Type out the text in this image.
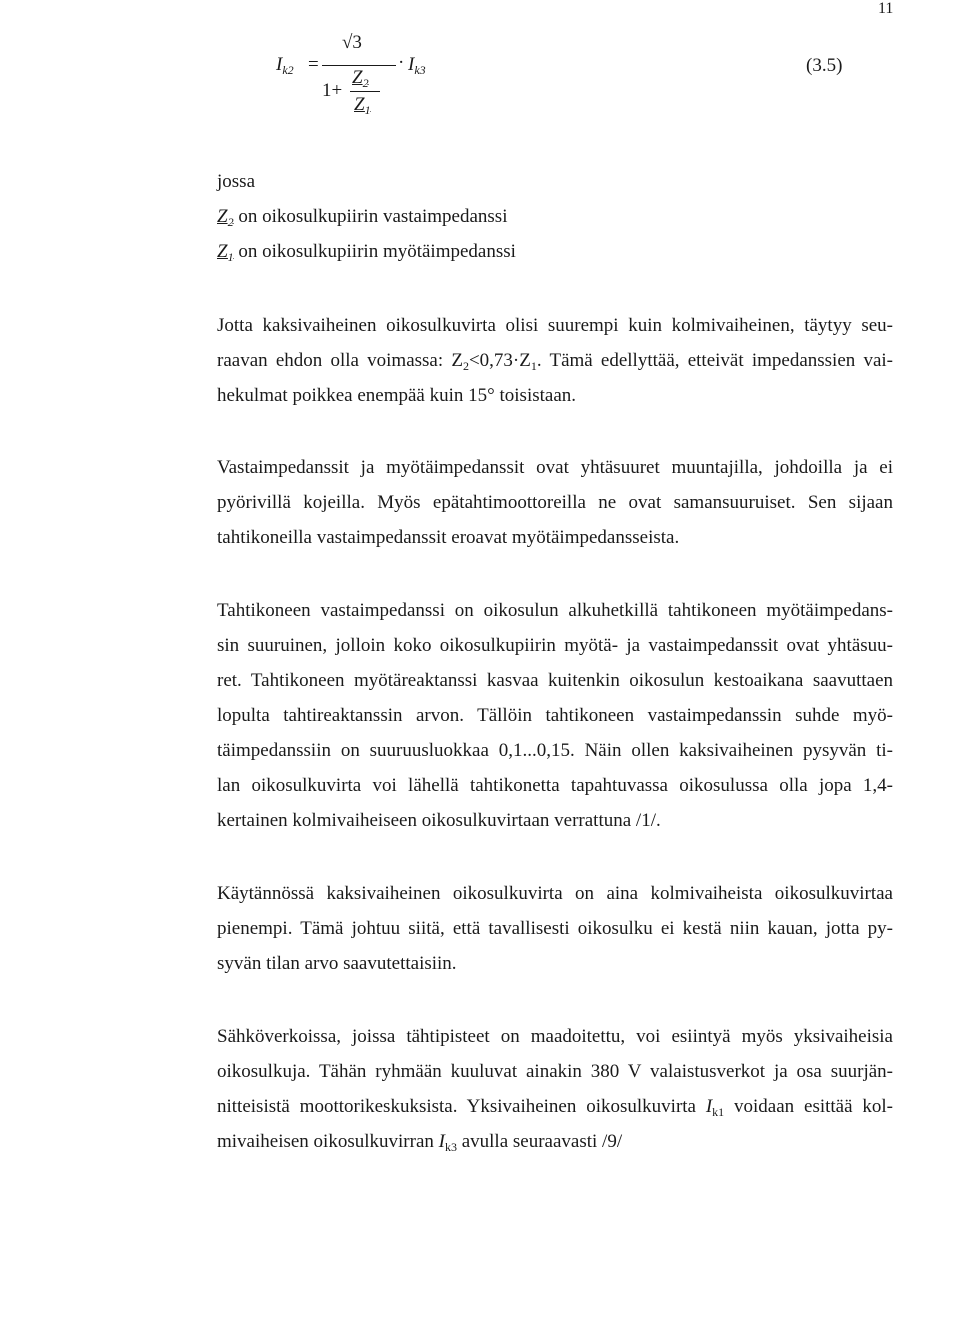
11
$I_{k2}$ =
√3
1+
$Z_2$
$Z_1$
· $I_{k3}$	(3.5)
jossa
$Z_2$ on oikosulkupiirin vastaimpedanssi
$Z_1$ on oikosulkupiirin myötäimpedanssi
Jotta kaksivaiheinen oikosulkuvirta olisi suurempi kuin kolmivaiheinen, täytyy seu-
raavan ehdon olla voimassa: $Z_2<0,73\cdot Z_1$. Tämä edellyttää, etteivät impedanssien vai-
hekulmat poikkea enempää kuin 15° toisistaan.
Vastaimpedanssit ja myötäimpedanssit ovat yhtäsuuret muuntajilla, johdoilla ja ei
pyörivillä kojeilla. Myös epätahtimoottoreilla ne ovat samansuuruiset. Sen sijaan
tahtikoneilla vastaimpedanssit eroavat myötäimpedansseista.
Tahtikoneen vastaimpedanssi on oikosulun alkuhetkillä tahtikoneen myötäimpedans-
sin suuruinen, jolloin koko oikosulkupiirin myötä- ja vastaimpedanssit ovat yhtäsuu-
ret. Tahtikoneen myötäreaktanssi kasvaa kuitenkin oikosulun kestoaikana saavuttaen
lopulta tahtireaktanssin arvon. Tällöin tahtikoneen vastaimpedanssin suhde myö-
täimpedanssiin on suuruusluokkaa 0,1...0,15. Näin ollen kaksivaiheinen pysyvän ti-
lan oikosulkuvirta voi lähellä tahtikonetta tapahtuvassa oikosulussa olla jopa 1,4-
kertainen kolmivaiheiseen oikosulkuvirtaan verrattuna /1/.
Käytännössä kaksivaiheinen oikosulkuvirta on aina kolmivaiheista oikosulkuvirtaa
pienempi. Tämä johtuu siitä, että tavallisesti oikosulku ei kestä niin kauan, jotta py-
syvän tilan arvo saavutettaisiin.
Sähköverkoissa, joissa tähtipisteet on maadoitettu, voi esiintyä myös yksivaiheisia
oikosulkuja. Tähän ryhmään kuuluvat ainakin 380 V valaistusverkot ja osa suurjän-
nitteisistä moottorikeskuksista. Yksivaiheinen oikosulkuvirta $I_{k1}$ voidaan esittää kol-
mivaiheisen oikosulkuvirran $I_{k3}$ avulla seuraavasti /9/
